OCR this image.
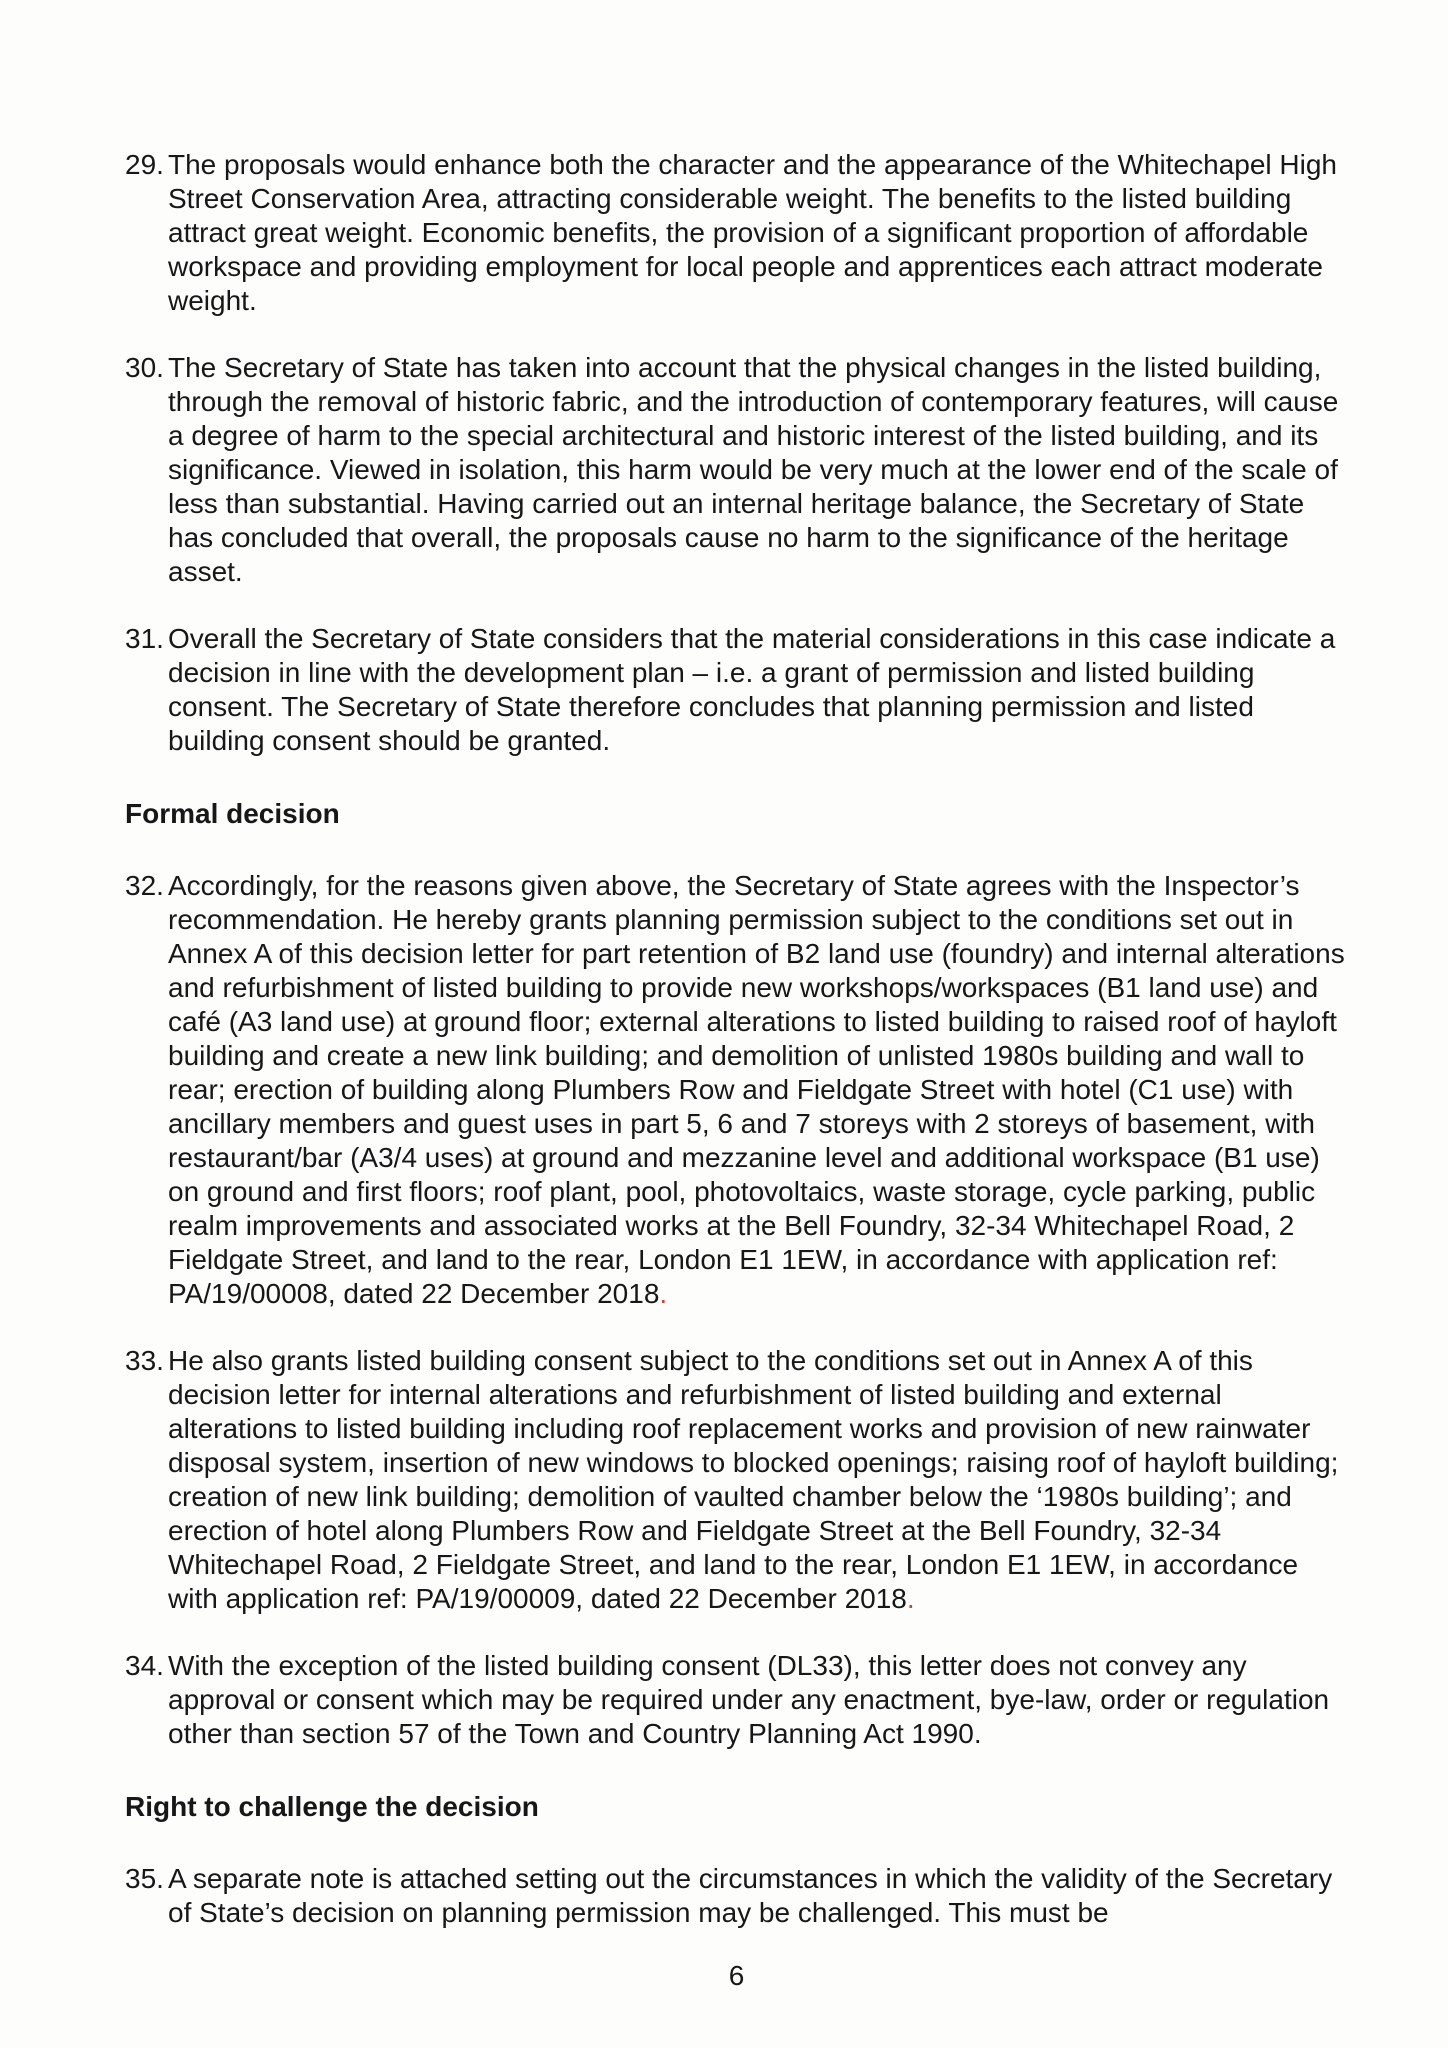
29. The proposals would enhance both the character and the appearance of the Whitechapel High Street Conservation Area, attracting considerable weight. The benefits to the listed building attract great weight. Economic benefits, the provision of a significant proportion of affordable workspace and providing employment for local people and apprentices each attract moderate weight.
30. The Secretary of State has taken into account that the physical changes in the listed building, through the removal of historic fabric, and the introduction of contemporary features, will cause a degree of harm to the special architectural and historic interest of the listed building, and its significance. Viewed in isolation, this harm would be very much at the lower end of the scale of less than substantial. Having carried out an internal heritage balance, the Secretary of State has concluded that overall, the proposals cause no harm to the significance of the heritage asset.
31. Overall the Secretary of State considers that the material considerations in this case indicate a decision in line with the development plan – i.e. a grant of permission and listed building consent. The Secretary of State therefore concludes that planning permission and listed building consent should be granted.
Formal decision
32. Accordingly, for the reasons given above, the Secretary of State agrees with the Inspector’s recommendation. He hereby grants planning permission subject to the conditions set out in Annex A of this decision letter for part retention of B2 land use (foundry) and internal alterations and refurbishment of listed building to provide new workshops/workspaces (B1 land use) and café (A3 land use) at ground floor; external alterations to listed building to raised roof of hayloft building and create a new link building; and demolition of unlisted 1980s building and wall to rear; erection of building along Plumbers Row and Fieldgate Street with hotel (C1 use) with ancillary members and guest uses in part 5, 6 and 7 storeys with 2 storeys of basement, with restaurant/bar (A3/4 uses) at ground and mezzanine level and additional workspace (B1 use) on ground and first floors; roof plant, pool, photovoltaics, waste storage, cycle parking, public realm improvements and associated works at the Bell Foundry, 32-34 Whitechapel Road, 2 Fieldgate Street, and land to the rear, London E1 1EW, in accordance with application ref: PA/19/00008, dated 22 December 2018.
33. He also grants listed building consent subject to the conditions set out in Annex A of this decision letter for internal alterations and refurbishment of listed building and external alterations to listed building including roof replacement works and provision of new rainwater disposal system, insertion of new windows to blocked openings; raising roof of hayloft building; creation of new link building; demolition of vaulted chamber below the ‘1980s building’; and erection of hotel along Plumbers Row and Fieldgate Street at the Bell Foundry, 32-34 Whitechapel Road, 2 Fieldgate Street, and land to the rear, London E1 1EW, in accordance with application ref: PA/19/00009, dated 22 December 2018.
34. With the exception of the listed building consent (DL33), this letter does not convey any approval or consent which may be required under any enactment, bye-law, order or regulation other than section 57 of the Town and Country Planning Act 1990.
Right to challenge the decision
35. A separate note is attached setting out the circumstances in which the validity of the Secretary of State’s decision on planning permission may be challenged. This must be
6
